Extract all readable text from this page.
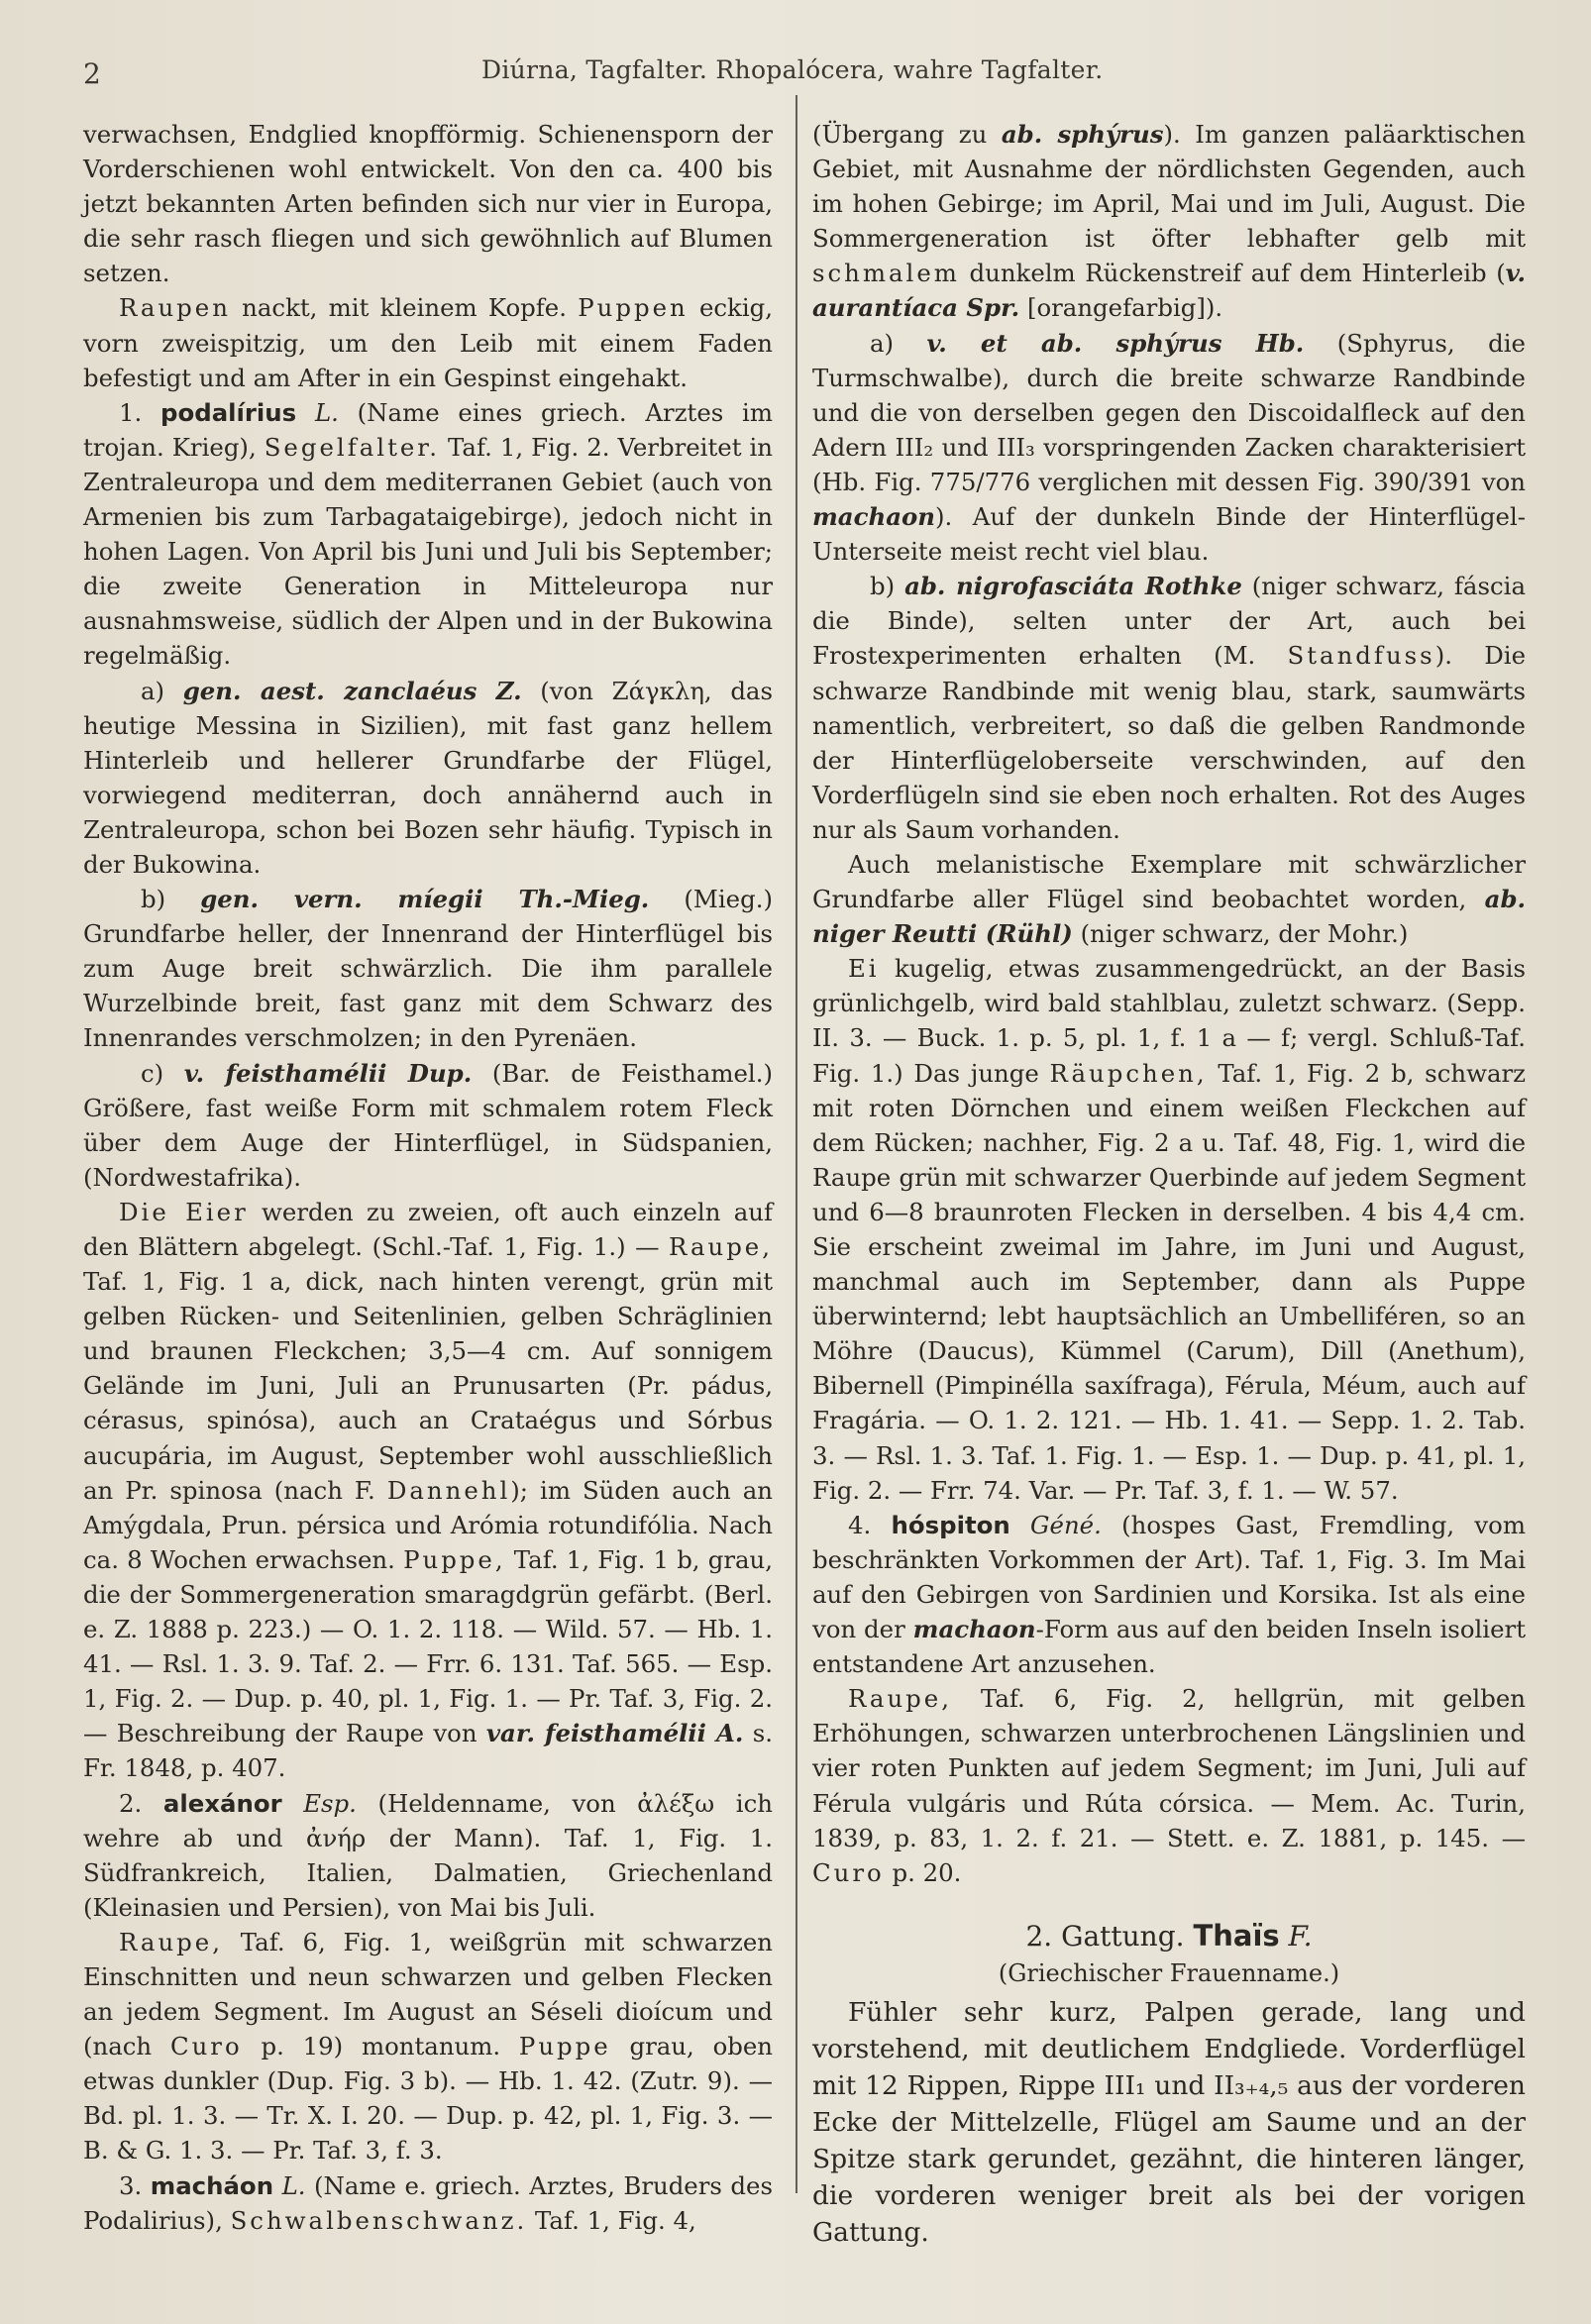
2	Diúrna, Tagfalter. Rhopalócera, wahre Tagfalter.

verwachsen, Endglied knopfförmig. Schienensporn der Vorderschienen wohl entwickelt. Von den ca. 400 bis jetzt bekannten Arten befinden sich nur vier in Europa, die sehr rasch fliegen und sich gewöhnlich auf Blumen setzen.

Raupen nackt, mit kleinem Kopfe. Puppen eckig, vorn zweispitzig, um den Leib mit einem Faden befestigt und am After in ein Gespinst eingehakt.

1. podalírius L. (Name eines griech. Arztes im trojan. Krieg), Segelfalter. Taf. 1, Fig. 2. Verbreitet in Zentraleuropa und dem mediterranen Gebiet (auch von Armenien bis zum Tarbagataigebirge), jedoch nicht in hohen Lagen. Von April bis Juni und Juli bis September; die zweite Generation in Mitteleuropa nur ausnahmsweise, südlich der Alpen und in der Bukowina regelmäßig.

a) gen. aest. zanclaéus Z. (von Ζάγκλη, das heutige Messina in Sizilien), mit fast ganz hellem Hinterleib und hellerer Grundfarbe der Flügel, vorwiegend mediterran, doch annähernd auch in Zentraleuropa, schon bei Bozen sehr häufig. Typisch in der Bukowina.

b) gen. vern. míegii Th.-Mieg. (Mieg.) Grundfarbe heller, der Innenrand der Hinterflügel bis zum Auge breit schwärzlich. Die ihm parallele Wurzelbinde breit, fast ganz mit dem Schwarz des Innenrandes verschmolzen; in den Pyrenäen.

c) v. feisthamélii Dup. (Bar. de Feisthamel.) Größere, fast weiße Form mit schmalem rotem Fleck über dem Auge der Hinterflügel, in Südspanien, (Nordwestafrika).

Die Eier werden zu zweien, oft auch einzeln auf den Blättern abgelegt. (Schl.-Taf. 1, Fig. 1.) — Raupe, Taf. 1, Fig. 1 a, dick, nach hinten verengt, grün mit gelben Rücken- und Seitenlinien, gelben Schräglinien und braunen Fleckchen; 3,5—4 cm. Auf sonnigem Gelände im Juni, Juli an Prunusarten (Pr. pádus, cérasus, spinósa), auch an Crataégus und Sórbus aucupária, im August, September wohl ausschließlich an Pr. spinosa (nach F. Dannehl); im Süden auch an Amýgdala, Prun. pérsica und Arómia rotundifólia. Nach ca. 8 Wochen erwachsen. Puppe, Taf. 1, Fig. 1 b, grau, die der Sommergeneration smaragdgrün gefärbt. (Berl. e. Z. 1888 p. 223.) — O. 1. 2. 118. — Wild. 57. — Hb. 1. 41. — Rsl. 1. 3. 9. Taf. 2. — Frr. 6. 131. Taf. 565. — Esp. 1, Fig. 2. — Dup. p. 40, pl. 1, Fig. 1. — Pr. Taf. 3, Fig. 2. — Beschreibung der Raupe von var. feisthamélii A. s. Fr. 1848, p. 407.

2. alexánor Esp. (Heldenname, von ἀλέξω ich wehre ab und ἀνήρ der Mann). Taf. 1, Fig. 1. Südfrankreich, Italien, Dalmatien, Griechenland (Kleinasien und Persien), von Mai bis Juli.

Raupe, Taf. 6, Fig. 1, weißgrün mit schwarzen Einschnitten und neun schwarzen und gelben Flecken an jedem Segment. Im August an Séseli dioícum und (nach Curo p. 19) montanum. Puppe grau, oben etwas dunkler (Dup. Fig. 3 b). — Hb. 1. 42. (Zutr. 9). — Bd. pl. 1. 3. — Tr. X. I. 20. — Dup. p. 42, pl. 1, Fig. 3. — B. & G. 1. 3. — Pr. Taf. 3, f. 3.

3. macháon L. (Name e. griech. Arztes, Bruders des Podalirius), Schwalbenschwanz. Taf. 1, Fig. 4,

(Übergang zu ab. sphýrus). Im ganzen paläarktischen Gebiet, mit Ausnahme der nördlichsten Gegenden, auch im hohen Gebirge; im April, Mai und im Juli, August. Die Sommergeneration ist öfter lebhafter gelb mit schmalem dunkelm Rückenstreif auf dem Hinterleib (v. aurantíaca Spr. [orangefarbig]).

a) v. et ab. sphýrus Hb. (Sphyrus, die Turmschwalbe), durch die breite schwarze Randbinde und die von derselben gegen den Discoidalfleck auf den Adern III₂ und III₃ vorspringenden Zacken charakterisiert (Hb. Fig. 775/776 verglichen mit dessen Fig. 390/391 von machaon). Auf der dunkeln Binde der Hinterflügel-Unterseite meist recht viel blau.

b) ab. nigrofasciáta Rothke (niger schwarz, fáscia die Binde), selten unter der Art, auch bei Frostexperimenten erhalten (M. Standfuss). Die schwarze Randbinde mit wenig blau, stark, saumwärts namentlich, verbreitert, so daß die gelben Randmonde der Hinterflügeloberseite verschwinden, auf den Vorderflügeln sind sie eben noch erhalten. Rot des Auges nur als Saum vorhanden.

Auch melanistische Exemplare mit schwärzlicher Grundfarbe aller Flügel sind beobachtet worden, ab. niger Reutti (Rühl) (niger schwarz, der Mohr.)

Ei kugelig, etwas zusammengedrückt, an der Basis grünlichgelb, wird bald stahlblau, zuletzt schwarz. (Sepp. II. 3. — Buck. 1. p. 5, pl. 1, f. 1 a — f; vergl. Schluß-Taf. Fig. 1.) Das junge Räupchen, Taf. 1, Fig. 2 b, schwarz mit roten Dörnchen und einem weißen Fleckchen auf dem Rücken; nachher, Fig. 2 a u. Taf. 48, Fig. 1, wird die Raupe grün mit schwarzer Querbinde auf jedem Segment und 6—8 braunroten Flecken in derselben. 4 bis 4,4 cm. Sie erscheint zweimal im Jahre, im Juni und August, manchmal auch im September, dann als Puppe überwinternd; lebt hauptsächlich an Umbelliféren, so an Möhre (Daucus), Kümmel (Carum), Dill (Anethum), Bibernell (Pimpinélla saxífraga), Férula, Méum, auch auf Fragária. — O. 1. 2. 121. — Hb. 1. 41. — Sepp. 1. 2. Tab. 3. — Rsl. 1. 3. Taf. 1. Fig. 1. — Esp. 1. — Dup. p. 41, pl. 1, Fig. 2. — Frr. 74. Var. — Pr. Taf. 3, f. 1. — W. 57.

4. hóspiton Géné. (hospes Gast, Fremdling, vom beschränkten Vorkommen der Art). Taf. 1, Fig. 3. Im Mai auf den Gebirgen von Sardinien und Korsika. Ist als eine von der machaon-Form aus auf den beiden Inseln isoliert entstandene Art anzusehen.

Raupe, Taf. 6, Fig. 2, hellgrün, mit gelben Erhöhungen, schwarzen unterbrochenen Längslinien und vier roten Punkten auf jedem Segment; im Juni, Juli auf Férula vulgáris und Rúta córsica. — Mem. Ac. Turin, 1839, p. 83, 1. 2. f. 21. — Stett. e. Z. 1881, p. 145. — Curo p. 20.

2. Gattung. Thaïs F.
(Griechischer Frauenname.)

Fühler sehr kurz, Palpen gerade, lang und vorstehend, mit deutlichem Endgliede. Vorderflügel mit 12 Rippen, Rippe III₁ und II₃₊₄,₅ aus der vorderen Ecke der Mittelzelle, Flügel am Saume und an der Spitze stark gerundet, gezähnt, die hinteren länger, die vorderen weniger breit als bei der vorigen Gattung.
